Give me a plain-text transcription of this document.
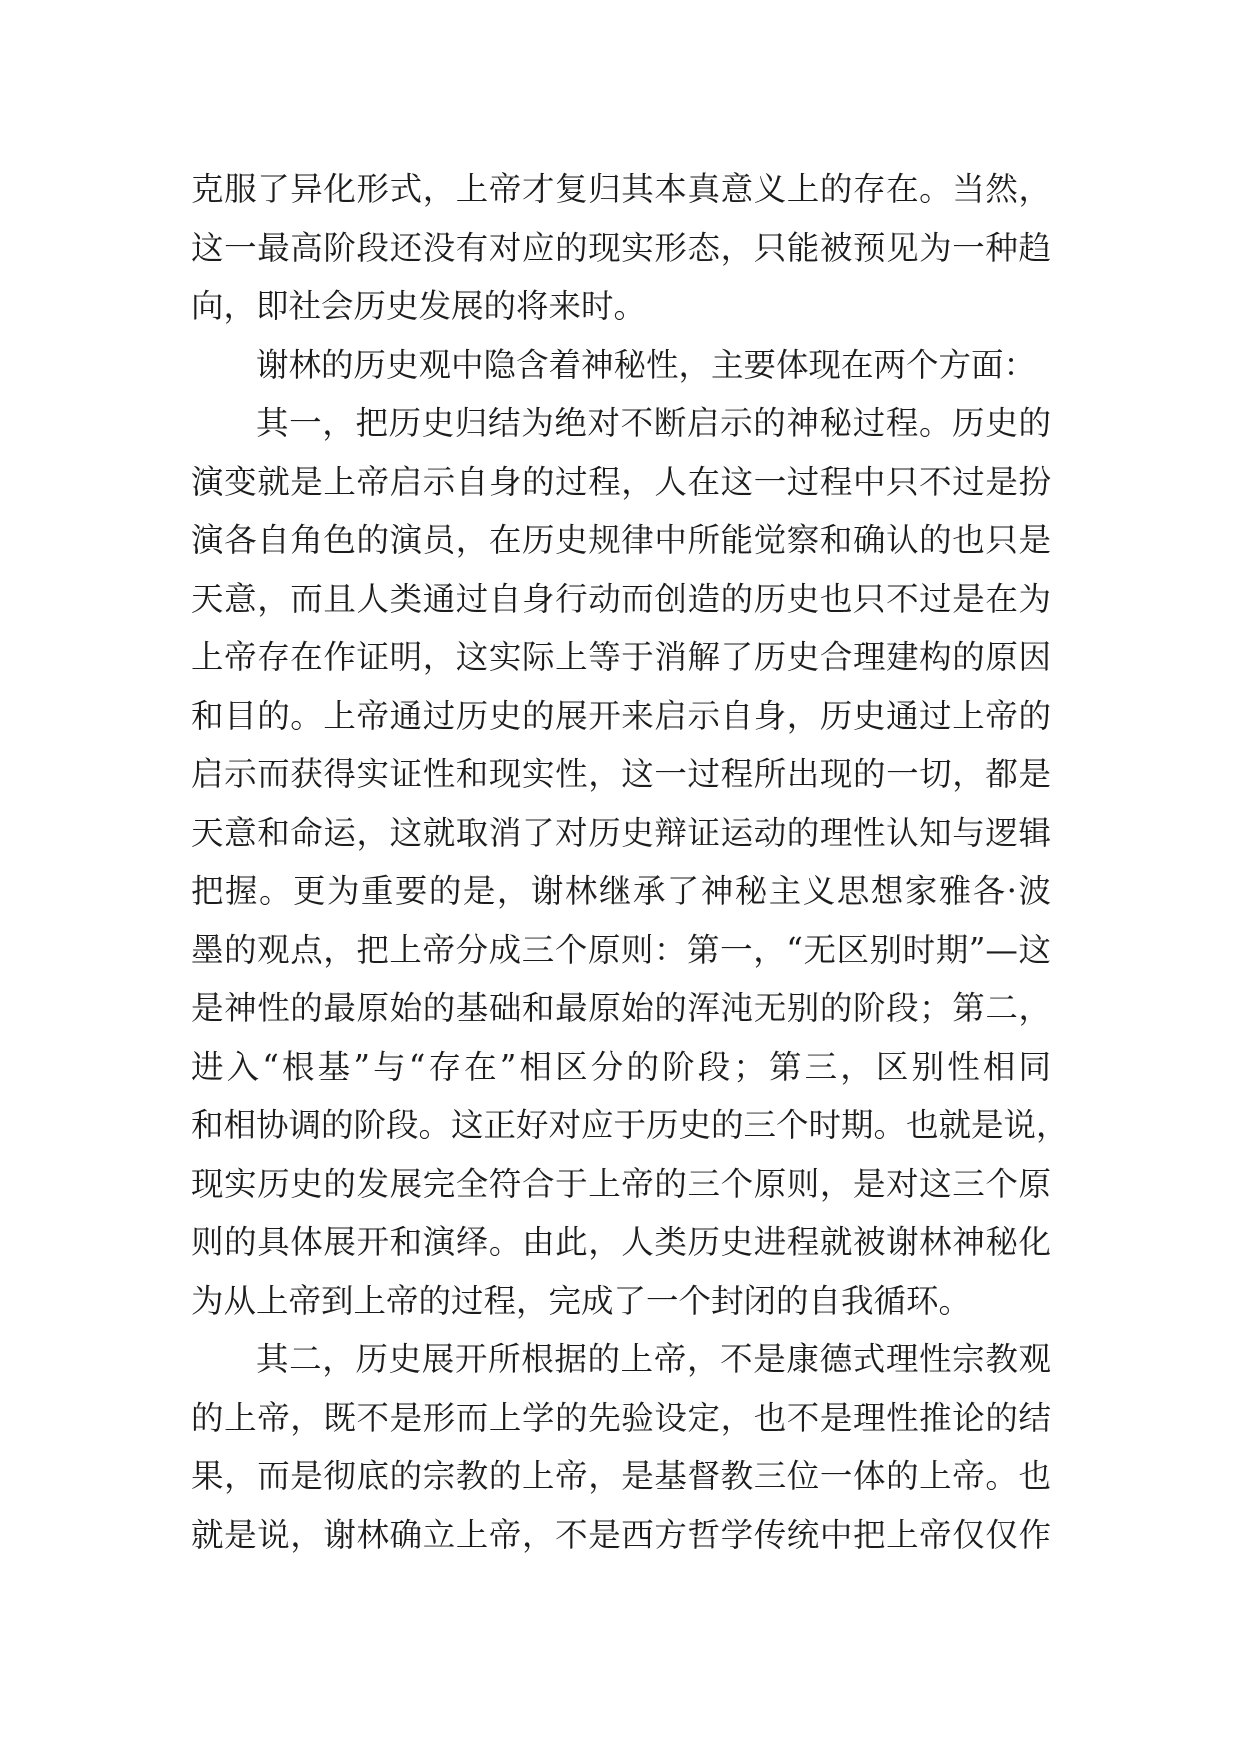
克服了异化形式，上帝才复归其本真意义上的存在。当然，
这一最高阶段还没有对应的现实形态，只能被预见为一种趋
向，即社会历史发展的将来时。
谢林的历史观中隐含着神秘性，主要体现在两个方面：
其一，把历史归结为绝对不断启示的神秘过程。历史的
演变就是上帝启示自身的过程，人在这一过程中只不过是扮
演各自角色的演员，在历史规律中所能觉察和确认的也只是
天意，而且人类通过自身行动而创造的历史也只不过是在为
上帝存在作证明，这实际上等于消解了历史合理建构的原因
和目的。上帝通过历史的展开来启示自身，历史通过上帝的
启示而获得实证性和现实性，这一过程所出现的一切，都是
天意和命运，这就取消了对历史辩证运动的理性认知与逻辑
把握。更为重要的是，谢林继承了神秘主义思想家雅各·波
墨的观点，把上帝分成三个原则：第一，“无区别时期”—这
是神性的最原始的基础和最原始的浑沌无别的阶段；第二，
进入“根基”与“存在”相区分的阶段；第三，区别性相同
和相协调的阶段。这正好对应于历史的三个时期。也就是说，
现实历史的发展完全符合于上帝的三个原则，是对这三个原
则的具体展开和演绎。由此，人类历史进程就被谢林神秘化
为从上帝到上帝的过程，完成了一个封闭的自我循环。
其二，历史展开所根据的上帝，不是康德式理性宗教观
的上帝，既不是形而上学的先验设定，也不是理性推论的结
果，而是彻底的宗教的上帝，是基督教三位一体的上帝。也
就是说，谢林确立上帝，不是西方哲学传统中把上帝仅仅作
